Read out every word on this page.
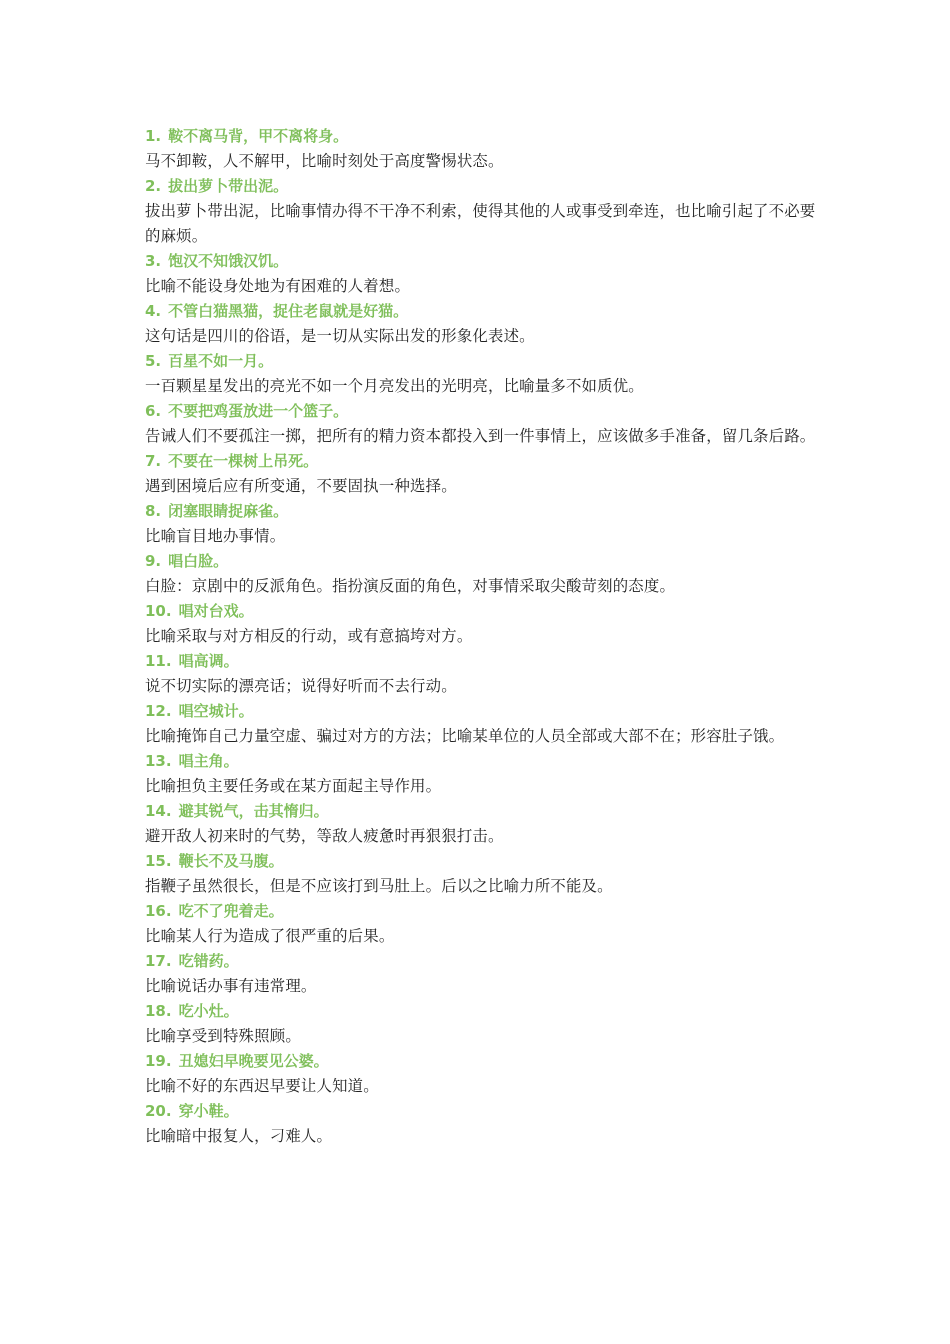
1. 鞍不离马背，甲不离将身。
马不卸鞍，人不解甲，比喻时刻处于高度警惕状态。
2. 拔出萝卜带出泥。
拔出萝卜带出泥，比喻事情办得不干净不利索，使得其他的人或事受到牵连，也比喻引起了不必要的麻烦。
3. 饱汉不知饿汉饥。
比喻不能设身处地为有困难的人着想。
4. 不管白猫黑猫，捉住老鼠就是好猫。
这句话是四川的俗语，是一切从实际出发的形象化表述。
5. 百星不如一月。
一百颗星星发出的亮光不如一个月亮发出的光明亮，比喻量多不如质优。
6. 不要把鸡蛋放进一个篮子。
告诫人们不要孤注一掷，把所有的精力资本都投入到一件事情上，应该做多手准备，留几条后路。
7. 不要在一棵树上吊死。
遇到困境后应有所变通，不要固执一种选择。
8. 闭塞眼睛捉麻雀。
比喻盲目地办事情。
9. 唱白脸。
白脸：京剧中的反派角色。指扮演反面的角色，对事情采取尖酸苛刻的态度。
10. 唱对台戏。
比喻采取与对方相反的行动，或有意搞垮对方。
11. 唱高调。
说不切实际的漂亮话；说得好听而不去行动。
12. 唱空城计。
比喻掩饰自己力量空虚、骗过对方的方法；比喻某单位的人员全部或大部不在；形容肚子饿。
13. 唱主角。
比喻担负主要任务或在某方面起主导作用。
14. 避其锐气，击其惰归。
避开敌人初来时的气势，等敌人疲惫时再狠狠打击。
15. 鞭长不及马腹。
指鞭子虽然很长，但是不应该打到马肚上。后以之比喻力所不能及。
16. 吃不了兜着走。
比喻某人行为造成了很严重的后果。
17. 吃错药。
比喻说话办事有违常理。
18. 吃小灶。
比喻享受到特殊照顾。
19. 丑媳妇早晚要见公婆。
比喻不好的东西迟早要让人知道。
20. 穿小鞋。
比喻暗中报复人，刁难人。
